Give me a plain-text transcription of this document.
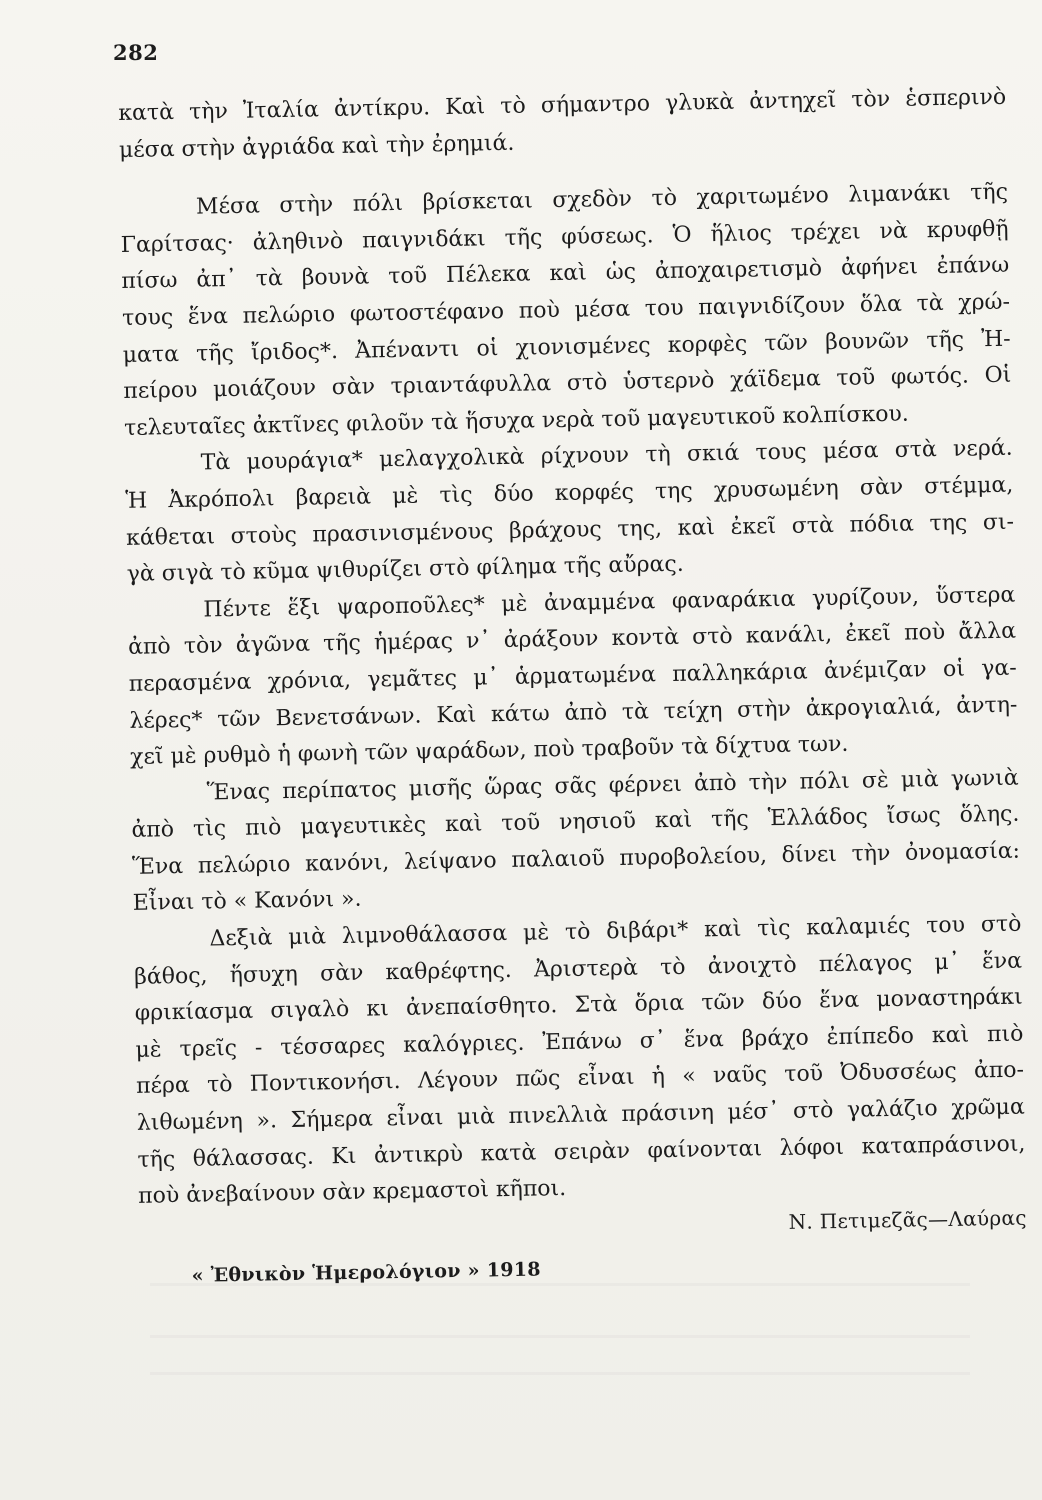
282
κατὰ τὴν Ἰταλία ἀντίκρυ. Καὶ τὸ σήμαντρο γλυκὰ ἀντηχεῖ τὸν ἑσπερινὸ
μέσα στὴν ἀγριάδα καὶ τὴν ἐρημιά.
Μέσα στὴν πόλι βρίσκεται σχεδὸν τὸ χαριτωμένο λιμανάκι τῆς
Γαρίτσας· ἀληθινὸ παιγνιδάκι τῆς φύσεως. Ὁ ἥλιος τρέχει νὰ κρυφθῇ
πίσω ἀπ᾽ τὰ βουνὰ τοῦ Πέλεκα καὶ ὡς ἀποχαιρετισμὸ ἀφήνει ἐπάνω
τους ἕνα πελώριο φωτοστέφανο ποὺ μέσα του παιγνιδίζουν ὅλα τὰ χρώ-
ματα τῆς ἴριδος*. Ἀπέναντι οἱ χιονισμένες κορφὲς τῶν βουνῶν τῆς Ἠ-
πείρου μοιάζουν σὰν τριαντάφυλλα στὸ ὑστερνὸ χάϊδεμα τοῦ φωτός. Οἱ
τελευταῖες ἀκτῖνες φιλοῦν τὰ ἥσυχα νερὰ τοῦ μαγευτικοῦ κολπίσκου.
Τὰ μουράγια* μελαγχολικὰ ρίχνουν τὴ σκιά τους μέσα στὰ νερά.
Ἡ Ἀκρόπολι βαρειὰ μὲ τὶς δύο κορφές της χρυσωμένη σὰν στέμμα,
κάθεται στοὺς πρασινισμένους βράχους της, καὶ ἐκεῖ στὰ πόδια της σι-
γὰ σιγὰ τὸ κῦμα ψιθυρίζει στὸ φίλημα τῆς αὔρας.
Πέντε ἕξι ψαροποῦλες* μὲ ἀναμμένα φαναράκια γυρίζουν, ὕστερα
ἀπὸ τὸν ἀγῶνα τῆς ἡμέρας ν᾽ ἀράξουν κοντὰ στὸ κανάλι, ἐκεῖ ποὺ ἄλλα
περασμένα χρόνια, γεμᾶτες μ᾽ ἁρματωμένα παλληκάρια ἀνέμιζαν οἱ γα-
λέρες* τῶν Βενετσάνων. Καὶ κάτω ἀπὸ τὰ τείχη στὴν ἀκρογιαλιά, ἀντη-
χεῖ μὲ ρυθμὸ ἡ φωνὴ τῶν ψαράδων, ποὺ τραβοῦν τὰ δίχτυα των.
Ἕνας περίπατος μισῆς ὥρας σᾶς φέρνει ἀπὸ τὴν πόλι σὲ μιὰ γωνιὰ
ἀπὸ τὶς πιὸ μαγευτικὲς καὶ τοῦ νησιοῦ καὶ τῆς Ἑλλάδος ἴσως ὅλης.
Ἕνα πελώριο κανόνι, λείψανο παλαιοῦ πυροβολείου, δίνει τὴν ὀνομασία:
Εἶναι τὸ « Κανόνι ».
Δεξιὰ μιὰ λιμνοθάλασσα μὲ τὸ διβάρι* καὶ τὶς καλαμιές του στὸ
βάθος, ἥσυχη σὰν καθρέφτης. Ἀριστερὰ τὸ ἀνοιχτὸ πέλαγος μ᾽ ἕνα
φρικίασμα σιγαλὸ κι ἀνεπαίσθητο. Στὰ ὅρια τῶν δύο ἕνα μοναστηράκι
μὲ τρεῖς - τέσσαρες καλόγριες. Ἐπάνω σ᾽ ἕνα βράχο ἐπίπεδο καὶ πιὸ
πέρα τὸ Ποντικονήσι. Λέγουν πῶς εἶναι ἡ « ναῦς τοῦ Ὀδυσσέως ἀπο-
λιθωμένη ». Σήμερα εἶναι μιὰ πινελλιὰ πράσινη μέσ᾽ στὸ γαλάζιο χρῶμα
τῆς θάλασσας. Κι ἀντικρὺ κατὰ σειρὰν φαίνονται λόφοι καταπράσινοι,
ποὺ ἀνεβαίνουν σὰν κρεμαστοὶ κῆποι.
Ν. Πετιμεζᾶς—Λαύρας
« Ἐθνικὸν Ἡμερολόγιον » 1918
